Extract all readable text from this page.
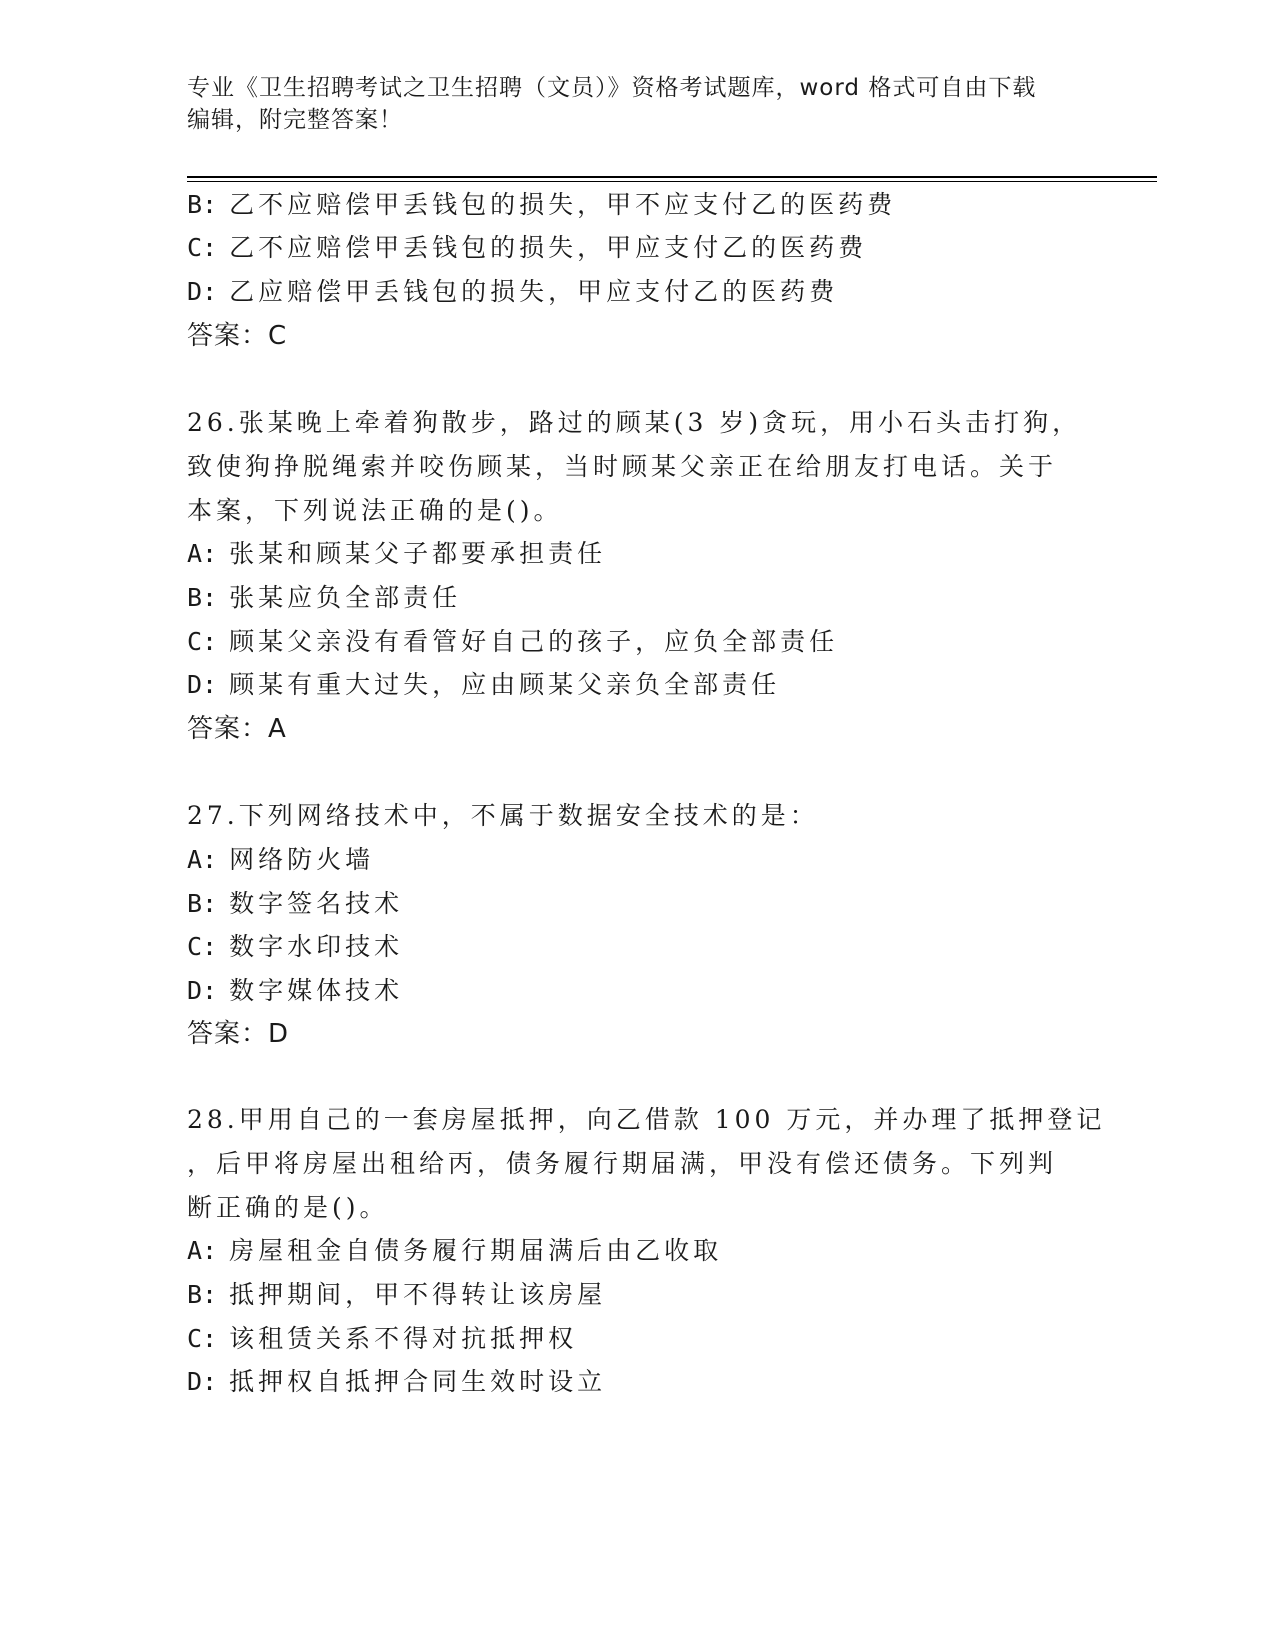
专业《卫生招聘考试之卫生招聘（文员）》资格考试题库，word 格式可自由下载
编辑，附完整答案！
B: 乙不应赔偿甲丢钱包的损失，甲不应支付乙的医药费
C: 乙不应赔偿甲丢钱包的损失，甲应支付乙的医药费
D: 乙应赔偿甲丢钱包的损失，甲应支付乙的医药费
答案：C
26.张某晚上牵着狗散步，路过的顾某(3 岁)贪玩，用小石头击打狗，
致使狗挣脱绳索并咬伤顾某，当时顾某父亲正在给朋友打电话。关于
本案，下列说法正确的是()。
A: 张某和顾某父子都要承担责任
B: 张某应负全部责任
C: 顾某父亲没有看管好自己的孩子，应负全部责任
D: 顾某有重大过失，应由顾某父亲负全部责任
答案：A
27.下列网络技术中，不属于数据安全技术的是：
A: 网络防火墙
B: 数字签名技术
C: 数字水印技术
D: 数字媒体技术
答案：D
28.甲用自己的一套房屋抵押，向乙借款 100 万元，并办理了抵押登记
，后甲将房屋出租给丙，债务履行期届满，甲没有偿还债务。下列判
断正确的是()。
A: 房屋租金自债务履行期届满后由乙收取
B: 抵押期间，甲不得转让该房屋
C: 该租赁关系不得对抗抵押权
D: 抵押权自抵押合同生效时设立
